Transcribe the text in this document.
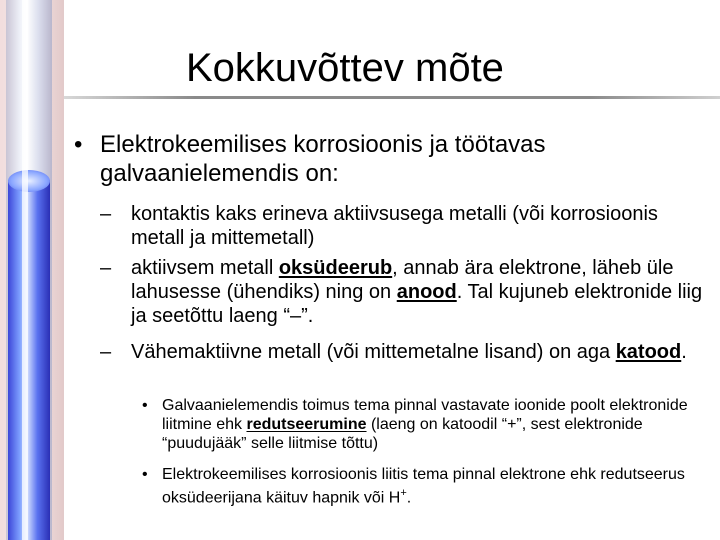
Kokkuvõttev mõte
• Elektrokeemilises korrosioonis ja töötavas galvaanielemendis on:
– kontaktis kaks erineva aktiivsusega metalli (või korrosioonis metall ja mittemetall)
– aktiivsem metall oksüdeerub, annab ära elektrone, läheb üle lahusesse (ühendiks) ning on anood. Tal kujuneb elektronide liig ja seetõttu laeng “–”.
– Vähemaktiivne metall (või mittemetalne lisand) on aga katood.
• Galvaanielemendis toimus tema pinnal vastavate ioonide poolt elektronide liitmine ehk redutseerumine (laeng on katoodil “+”, sest elektronide “puudujääk” selle liitmise tõttu)
• Elektrokeemilises korrosioonis liitis tema pinnal elektrone ehk redutseerus oksüdeerijana käituv hapnik või H+.
